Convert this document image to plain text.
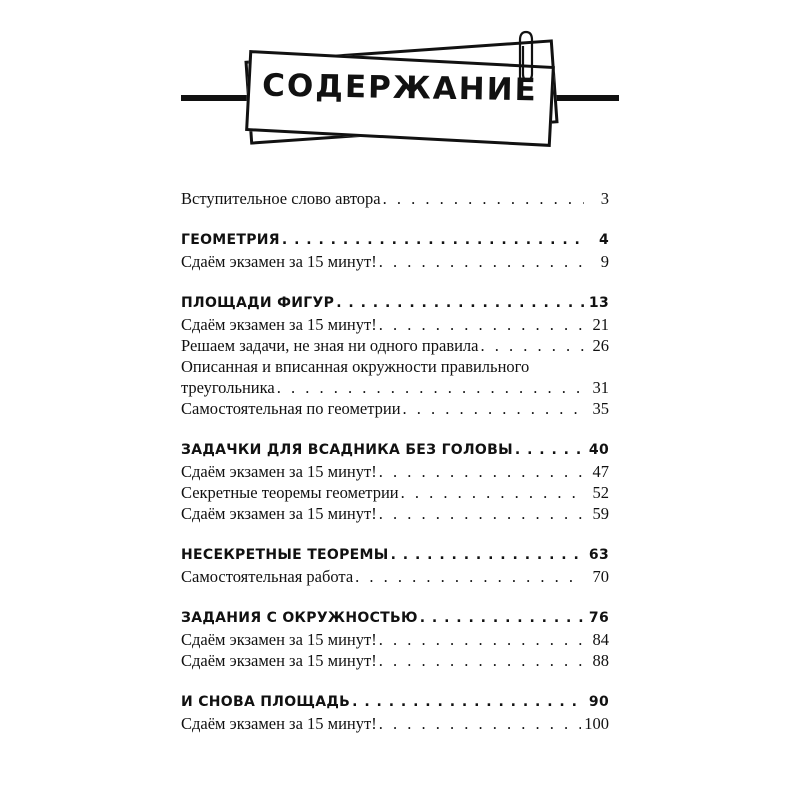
СОДЕРЖАНИЕ
Вступительное слово автора . . .	3
ГЕОМЕТРИЯ . . .	4
Сдаём экзамен за 15 минут! . . .	9
ПЛОЩАДИ ФИГУР . . .	13
Сдаём экзамен за 15 минут! . . .	21
Решаем задачи, не зная ни одного правила . . .	26
Описанная и вписанная окружности правильного
треугольника . . .	31
Самостоятельная по геометрии . . .	35
ЗАДАЧКИ ДЛЯ ВСАДНИКА БЕЗ ГОЛОВЫ . . .	40
Сдаём экзамен за 15 минут! . . .	47
Секретные теоремы геометрии . . .	52
Сдаём экзамен за 15 минут! . . .	59
НЕСЕКРЕТНЫЕ ТЕОРЕМЫ . . .	63
Самостоятельная работа . . .	70
ЗАДАНИЯ С ОКРУЖНОСТЬЮ . . .	76
Сдаём экзамен за 15 минут! . . .	84
Сдаём экзамен за 15 минут! . . .	88
И СНОВА ПЛОЩАДЬ . . .	90
Сдаём экзамен за 15 минут! . . .	100
